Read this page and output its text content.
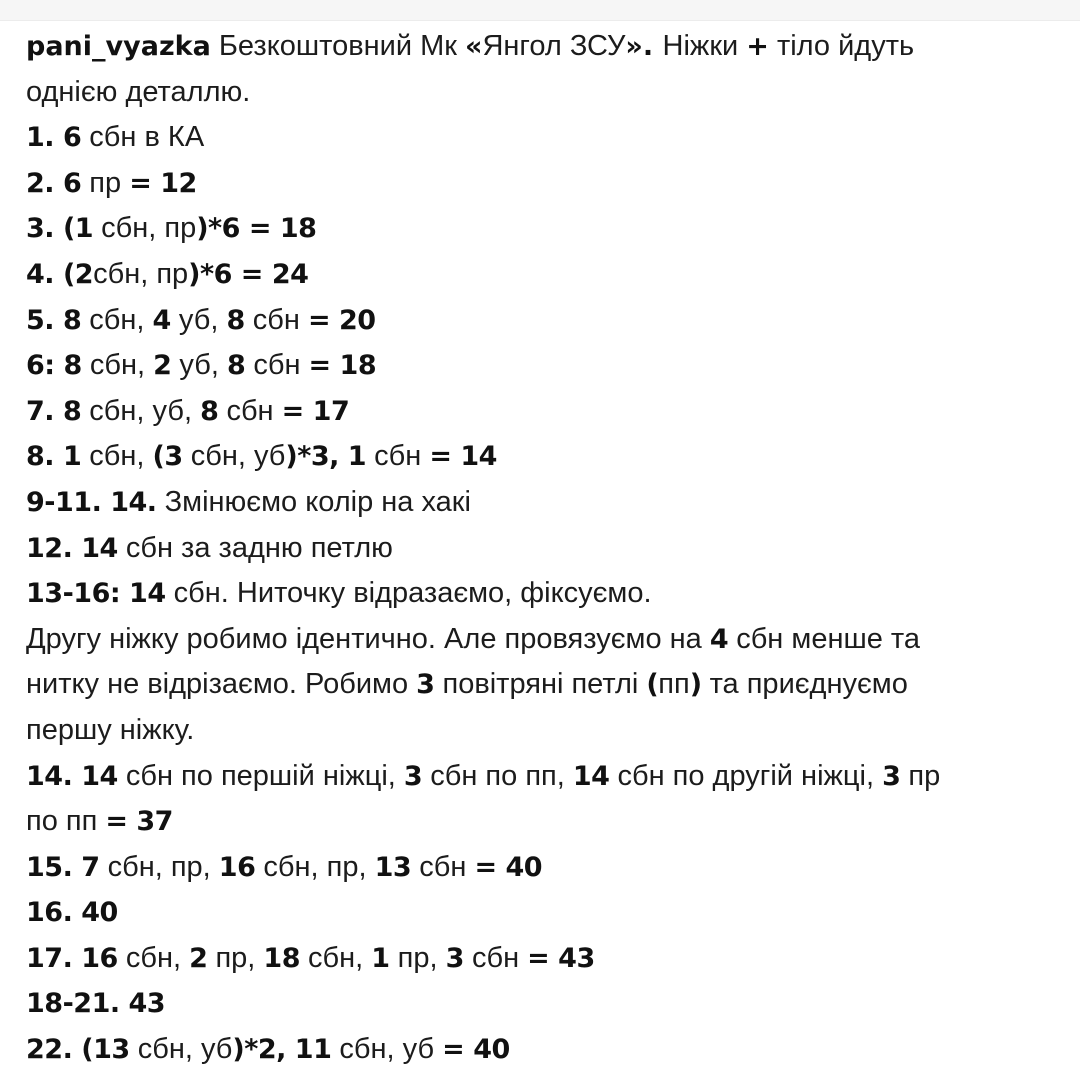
pani_vyazka Безкоштовний Мк «Янгол ЗСУ». Ніжки + тіло йдуть
однією деталлю.
1. 6 сбн в КА
2. 6 пр = 12
3. (1 сбн, пр)*6 = 18
4. (2сбн, пр)*6 = 24
5. 8 сбн, 4 уб, 8 сбн = 20
6: 8 сбн, 2 уб, 8 сбн = 18
7. 8 сбн, уб, 8 сбн = 17
8. 1 сбн, (3 сбн, уб)*3, 1 сбн = 14
9-11. 14. Змінюємо колір на хакі
12. 14 сбн за задню петлю
13-16: 14 сбн. Ниточку відразаємо, фіксуємо.
Другу ніжку робимо ідентично. Але провязуємо на 4 сбн менше та
нитку не відрізаємо. Робимо 3 повітряні петлі (пп) та приєднуємо
першу ніжку.
14. 14 сбн по першій ніжці, 3 сбн по пп, 14 сбн по другій ніжці, 3 пр
по пп = 37
15. 7 сбн, пр, 16 сбн, пр, 13 сбн = 40
16. 40
17. 16 сбн, 2 пр, 18 сбн, 1 пр, 3 сбн = 43
18-21. 43
22. (13 сбн, уб)*2, 11 сбн, уб = 40
